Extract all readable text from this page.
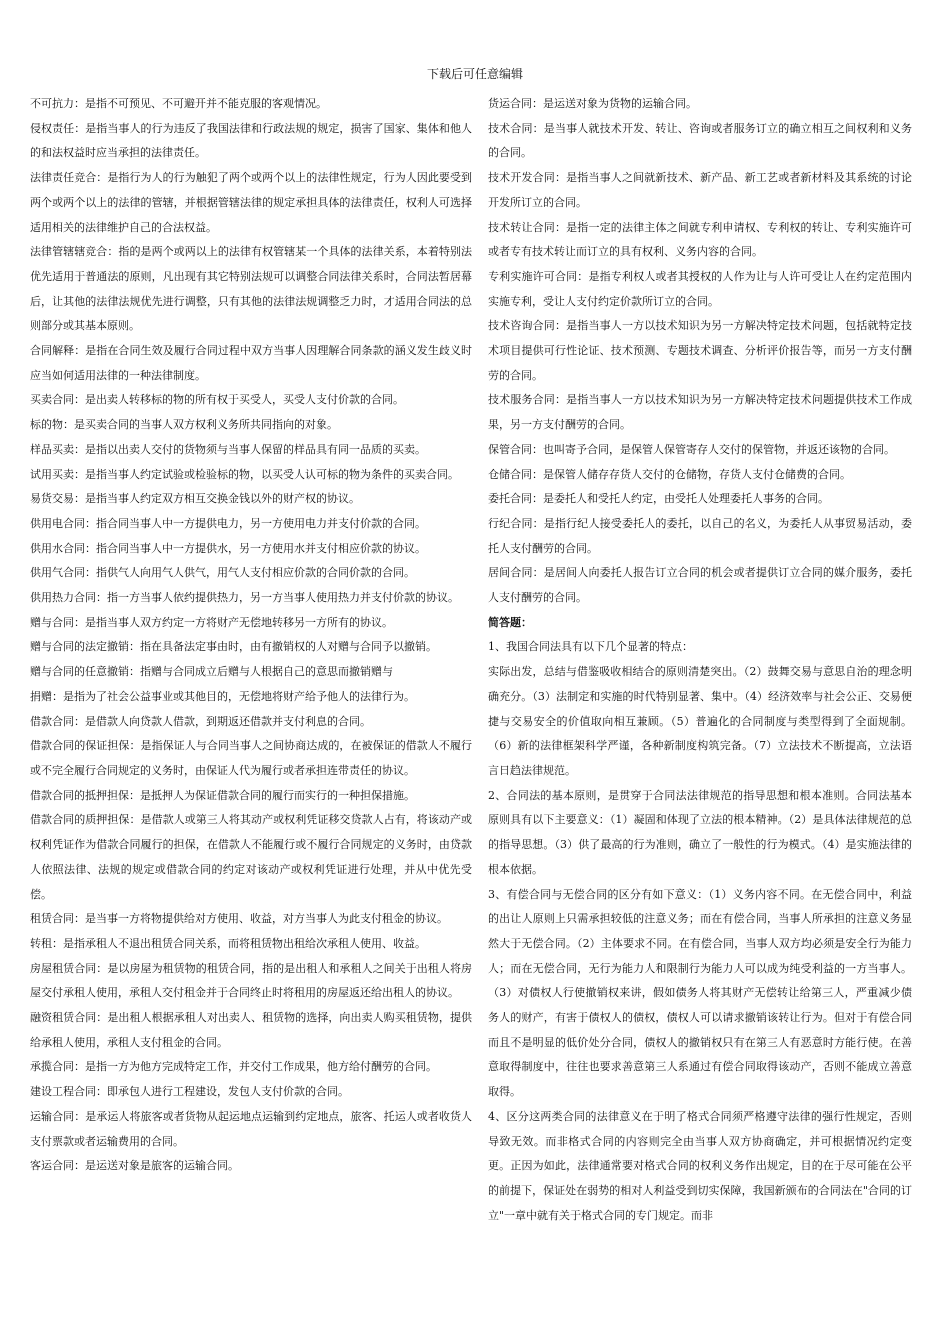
下载后可任意编辑

不可抗力：是指不可预见、不可避开并不能克服的客观情况。

侵权责任：是指当事人的行为违反了我国法律和行政法规的规定，损害了国家、集体和他人的和法权益时应当承担的法律责任。

法律责任竞合：是指行为人的行为触犯了两个或两个以上的法律性规定，行为人因此要受到两个或两个以上的法律的管辖，并根据管辖法律的规定承担具体的法律责任，权利人可选择适用相关的法律维护自己的合法权益。

法律管辖辖竞合：指的是两个或两以上的法律有权管辖某一个具体的法律关系，本着特别法优先适用于普通法的原则，凡出现有其它特别法规可以调整合同法律关系时，合同法暂居幕后，让其他的法律法规优先进行调整，只有其他的法律法规调整乏力时，才适用合同法的总则部分或其基本原则。

合同解释：是指在合同生效及履行合同过程中双方当事人因理解合同条款的涵义发生歧义时应当如何适用法律的一种法律制度。

买卖合同：是出卖人转移标的物的所有权于买受人，买受人支付价款的合同。

标的物：是买卖合同的当事人双方权利义务所共同指向的对象。

样品买卖：是指以出卖人交付的货物须与当事人保留的样品具有同一品质的买卖。

试用买卖：是指当事人约定试验或检验标的物，以买受人认可标的物为条件的买卖合同。

易货交易：是指当事人约定双方相互交换金钱以外的财产权的协议。

供用电合同：指合同当事人中一方提供电力，另一方使用电力并支付价款的合同。

供用水合同：指合同当事人中一方提供水，另一方使用水并支付相应价款的协议。

供用气合同：指供气人向用气人供气，用气人支付相应价款的合同价款的合同。

供用热力合同：指一方当事人依约提供热力，另一方当事人使用热力并支付价款的协议。

赠与合同：是指当事人双方约定一方将财产无偿地转移另一方所有的协议。

赠与合同的法定撤销：指在具备法定事由时，由有撤销权的人对赠与合同予以撤销。

赠与合同的任意撤销：指赠与合同成立后赠与人根据自己的意思而撤销赠与

捐赠：是指为了社会公益事业或其他目的，无偿地将财产给予他人的法律行为。

借款合同：是借款人向贷款人借款，到期返还借款并支付利息的合同。

借款合同的保证担保：是指保证人与合同当事人之间协商达成的，在被保证的借款人不履行或不完全履行合同规定的义务时，由保证人代为履行或者承担连带责任的协议。

借款合同的抵押担保：是抵押人为保证借款合同的履行而实行的一种担保措施。

借款合同的质押担保：是借款人或第三人将其动产或权利凭证移交贷款人占有，将该动产或权利凭证作为借款合同履行的担保，在借款人不能履行或不履行合同规定的义务时，由贷款人依照法律、法规的规定或借款合同的约定对该动产或权利凭证进行处理，并从中优先受偿。

租赁合同：是当事一方将物提供给对方使用、收益，对方当事人为此支付租金的协议。

转租：是指承租人不退出租赁合同关系，而将租赁物出租给次承租人使用、收益。

房屋租赁合同：是以房屋为租赁物的租赁合同，指的是出租人和承租人之间关于出租人将房屋交付承租人使用，承租人交付租金并于合同终止时将租用的房屋返还给出租人的协议。

融资租赁合同：是出租人根据承租人对出卖人、租赁物的选择，向出卖人购买租赁物，提供给承租人使用，承租人支付租金的合同。

承揽合同：是指一方为他方完成特定工作，并交付工作成果，他方给付酬劳的合同。

建设工程合同：即承包人进行工程建设，发包人支付价款的合同。

运输合同：是承运人将旅客或者货物从起运地点运输到约定地点，旅客、托运人或者收货人支付票款或者运输费用的合同。

客运合同：是运送对象是旅客的运输合同。

货运合同：是运送对象为货物的运输合同。

技术合同：是当事人就技术开发、转让、咨询或者服务订立的确立相互之间权利和义务的合同。

技术开发合同：是指当事人之间就新技术、新产品、新工艺或者新材料及其系统的讨论开发所订立的合同。

技术转让合同：是指一定的法律主体之间就专利申请权、专利权的转让、专利实施许可或者专有技术转让而订立的具有权利、义务内容的合同。

专利实施许可合同：是指专利权人或者其授权的人作为让与人许可受让人在约定范围内实施专利，受让人支付约定价款所订立的合同。

技术咨询合同：是指当事人一方以技术知识为另一方解决特定技术问题，包括就特定技术项目提供可行性论证、技术预测、专题技术调查、分析评价报告等，而另一方支付酬劳的合同。

技术服务合同：是指当事人一方以技术知识为另一方解决特定技术问题提供技术工作成果，另一方支付酬劳的合同。

保管合同：也叫寄予合同，是保管人保管寄存人交付的保管物，并返还该物的合同。

仓储合同：是保管人储存存货人交付的仓储物，存货人支付仓储费的合同。

委托合同：是委托人和受托人约定，由受托人处理委托人事务的合同。

行纪合同：是指行纪人接受委托人的委托，以自己的名义，为委托人从事贸易活动，委托人支付酬劳的合同。

居间合同：是居间人向委托人报告订立合同的机会或者提供订立合同的媒介服务，委托人支付酬劳的合同。

简答题：

1、我国合同法具有以下几个显著的特点：

实际出发，总结与借鉴吸收相结合的原则清楚突出。（2）鼓舞交易与意思自治的理念明确充分。（3）法制定和实施的时代特别显著、集中。（4）经济效率与社会公正、交易便捷与交易安全的价值取向相互兼顾。（5）普遍化的合同制度与类型得到了全面规制。（6）新的法律框架科学严谨，各种新制度构筑完备。（7）立法技术不断提高，立法语言日趋法律规范。

2、合同法的基本原则，是贯穿于合同法法律规范的指导思想和根本准则。合同法基本原则具有以下主要意义：（1）凝固和体现了立法的根本精神。（2）是具体法律规范的总的指导思想。（3）供了最高的行为准则，确立了一般性的行为模式。（4）是实施法律的根本依据。

3、有偿合同与无偿合同的区分有如下意义：（1）义务内容不同。在无偿合同中，利益的出让人原则上只需承担较低的注意义务；而在有偿合同，当事人所承担的注意义务显然大于无偿合同。（2）主体要求不同。在有偿合同，当事人双方均必须是安全行为能力人；而在无偿合同，无行为能力人和限制行为能力人可以成为纯受利益的一方当事人。（3）对债权人行使撤销权来讲，假如债务人将其财产无偿转让给第三人，严重减少债务人的财产，有害于债权人的债权，债权人可以请求撤销该转让行为。但对于有偿合同而且不是明显的低价处分合同，债权人的撤销权只有在第三人有恶意时方能行使。在善意取得制度中，往往也要求善意第三人系通过有偿合同取得该动产，否则不能成立善意取得。

4、区分这两类合同的法律意义在于明了格式合同须严格遵守法律的强行性规定，否则导致无效。而非格式合同的内容则完全由当事人双方协商确定，并可根据情况约定变更。正因为如此，法律通常要对格式合同的权利义务作出规定，目的在于尽可能在公平的前提下，保证处在弱势的相对人利益受到切实保障，我国新颁布的合同法在"合同的订立"一章中就有关于格式合同的专门规定。而非
